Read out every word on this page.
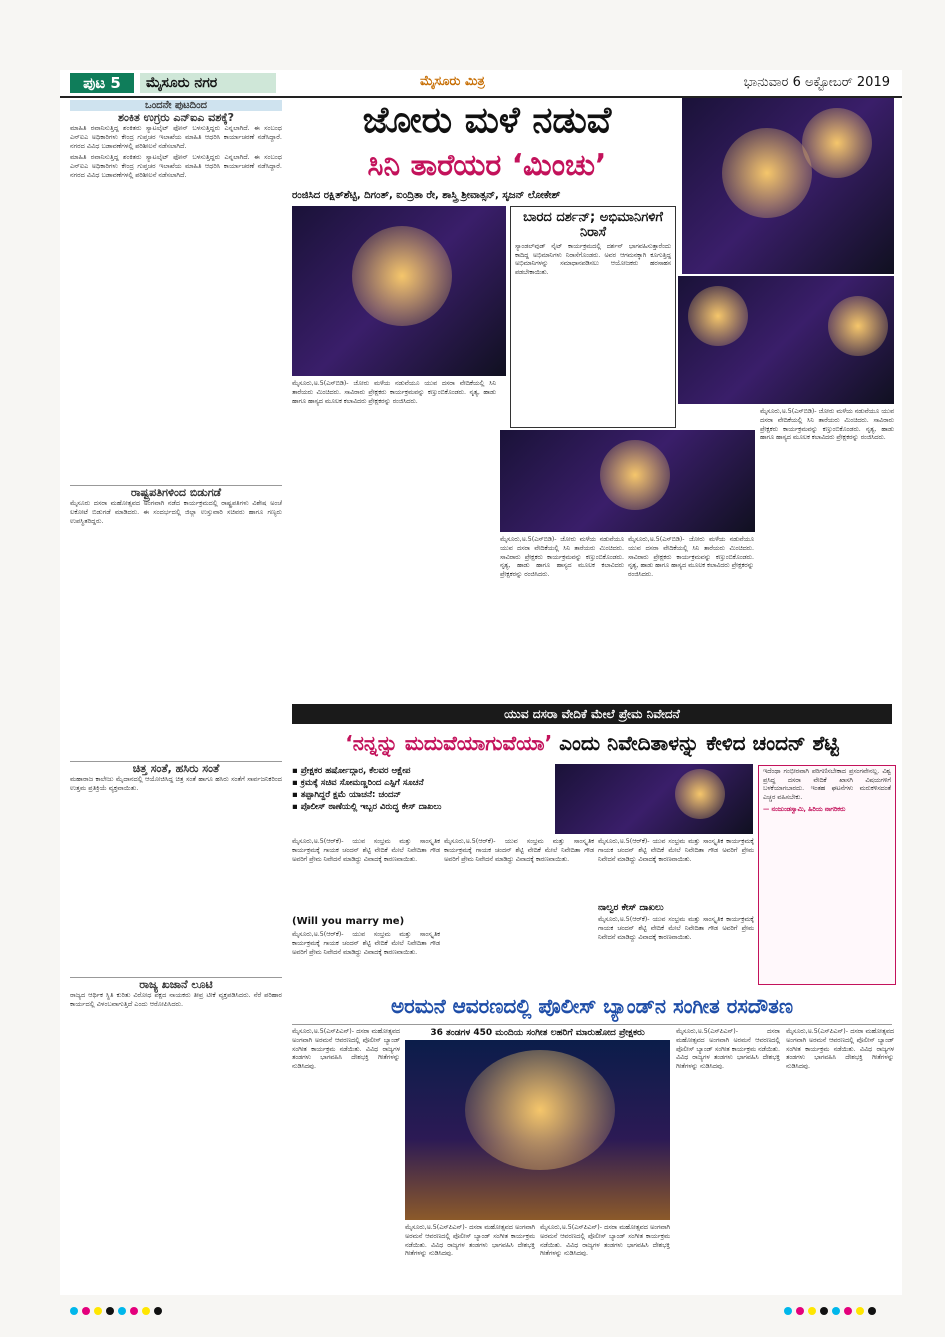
ಪುಟ 5	ಮೈಸೂರು ನಗರ	ಮೈಸೂರು ಮಿತ್ರ	ಭಾನುವಾರ 6 ಅಕ್ಟೋಬರ್ 2019
ಒಂದನೇ ಪುಟದಿಂದ
ಶಂಕಿತ ಉಗ್ರರು ಎನ್‌ಐಎ ವಶಕ್ಕೆ?

ಮಾಹಿತಿ ರವಾನಿಸುತ್ತಿದ್ದ ಶಂಕಿತರು ಸ್ಯಾಟಲೈಟ್ ಫೋನ್ ಬಳಸುತ್ತಿದ್ದರು ಎನ್ನಲಾಗಿದೆ. ಈ ಸಂಬಂಧ ಎನ್‌ಐಎ ಅಧಿಕಾರಿಗಳು ಕೇಂದ್ರ ಗುಪ್ತಚರ ಇಲಾಖೆಯ ಮಾಹಿತಿ ಆಧರಿಸಿ ಕಾರ್ಯಾಚರಣೆ ನಡೆಸಿದ್ದಾರೆ. ನಗರದ ವಿವಿಧ ಬಡಾವಣೆಗಳಲ್ಲಿ ಪರಿಶೀಲನೆ ನಡೆಸಲಾಗಿದೆ.

ಮಾಹಿತಿ ರವಾನಿಸುತ್ತಿದ್ದ ಶಂಕಿತರು ಸ್ಯಾಟಲೈಟ್ ಫೋನ್ ಬಳಸುತ್ತಿದ್ದರು ಎನ್ನಲಾಗಿದೆ. ಈ ಸಂಬಂಧ ಎನ್‌ಐಎ ಅಧಿಕಾರಿಗಳು ಕೇಂದ್ರ ಗುಪ್ತಚರ ಇಲಾಖೆಯ ಮಾಹಿತಿ ಆಧರಿಸಿ ಕಾರ್ಯಾಚರಣೆ ನಡೆಸಿದ್ದಾರೆ. ನಗರದ ವಿವಿಧ ಬಡಾವಣೆಗಳಲ್ಲಿ ಪರಿಶೀಲನೆ ನಡೆಸಲಾಗಿದೆ.

ರಾಷ್ಟ್ರಪತಿಗಳಿಂದ ಬಿಡುಗಡೆ

ಮೈಸೂರು ದಸರಾ ಮಹೋತ್ಸವದ ಅಂಗವಾಗಿ ನಡೆದ ಕಾರ್ಯಕ್ರಮದಲ್ಲಿ ರಾಷ್ಟ್ರಪತಿಗಳು ವಿಶೇಷ ಅಂಚೆ ಲಕೋಟೆ ಬಿಡುಗಡೆ ಮಾಡಿದರು. ಈ ಸಂದರ್ಭದಲ್ಲಿ ಜಿಲ್ಲಾ ಉಸ್ತುವಾರಿ ಸಚಿವರು ಹಾಗೂ ಗಣ್ಯರು ಉಪಸ್ಥಿತರಿದ್ದರು.

ಚಿತ್ತ ಸಂತೆ, ಹಸಿರು ಸಂತೆ

ಮಹಾರಾಜ ಕಾಲೇಜು ಮೈದಾನದಲ್ಲಿ ಆಯೋಜಿಸಿದ್ದ ಚಿತ್ರ ಸಂತೆ ಹಾಗೂ ಹಸಿರು ಸಂತೆಗೆ ಸಾರ್ವಜನಿಕರಿಂದ ಉತ್ತಮ ಪ್ರತಿಕ್ರಿಯೆ ವ್ಯಕ್ತವಾಯಿತು.

ರಾಜ್ಯ ಖಜಾನೆ ಲೂಟಿ

ರಾಜ್ಯದ ಆರ್ಥಿಕ ಸ್ಥಿತಿ ಕುರಿತು ವಿರೋಧ ಪಕ್ಷದ ನಾಯಕರು ತೀವ್ರ ಟೀಕೆ ವ್ಯಕ್ತಪಡಿಸಿದರು. ನೆರೆ ಪರಿಹಾರ ಕಾರ್ಯದಲ್ಲಿ ವಿಳಂಬವಾಗುತ್ತಿದೆ ಎಂದು ಆರೋಪಿಸಿದರು.

ಜೋರು ಮಳೆ ನಡುವೆ
ಸಿನಿ ತಾರೆಯರ ‘ಮಿಂಚು’
ರಂಜಿಸಿದ ರಕ್ಷಿತ್‌ಶೆಟ್ಟಿ, ದಿಗಂತ್, ಐಂದ್ರಿತಾ ರೇ, ಶಾಸ್ತ್ರಿ ಶ್ರೀವಾತ್ಸನ್, ಸೃಜನ್ ಲೋಕೇಶ್
ಬಾರದ ದರ್ಶನ್; ಅಭಿಮಾನಿಗಳಿಗೆ ನಿರಾಸೆ

ಸ್ಯಾಂಡಲ್‌ವುಡ್ ನೈಟ್ ಕಾರ್ಯಕ್ರಮದಲ್ಲಿ ದರ್ಶನ್ ಭಾಗವಹಿಸುತ್ತಾರೆಂದು ಕಾದಿದ್ದ ಅಭಿಮಾನಿಗಳು ನಿರಾಸೆಗೊಂಡರು. ಅವರ ಆಗಮನಕ್ಕಾಗಿ ಕೂಗುತ್ತಿದ್ದ ಅಭಿಮಾನಿಗಳನ್ನು ಸಮಾಧಾನಪಡಿಸಲು ಆಯೋಜಕರು ಹರಸಾಹಸ ಪಡಬೇಕಾಯಿತು.

ಮೈಸೂರು,ಅ.5(ಎಸ್‌ಬಿಡಿ)- ಜೋರು ಮಳೆಯ ನಡುವೆಯೂ ಯುವ ದಸರಾ ವೇದಿಕೆಯಲ್ಲಿ ಸಿನಿ ತಾರೆಯರು ಮಿಂಚಿದರು. ಸಾವಿರಾರು ಪ್ರೇಕ್ಷಕರು ಕಾರ್ಯಕ್ರಮವನ್ನು ಕಣ್ತುಂಬಿಕೊಂಡರು. ನೃತ್ಯ, ಹಾಡು ಹಾಗೂ ಹಾಸ್ಯದ ಮೂಲಕ ಕಲಾವಿದರು ಪ್ರೇಕ್ಷಕರನ್ನು ರಂಜಿಸಿದರು.
ಮೈಸೂರು,ಅ.5(ಎಸ್‌ಬಿಡಿ)- ಜೋರು ಮಳೆಯ ನಡುವೆಯೂ ಯುವ ದಸರಾ ವೇದಿಕೆಯಲ್ಲಿ ಸಿನಿ ತಾರೆಯರು ಮಿಂಚಿದರು. ಸಾವಿರಾರು ಪ್ರೇಕ್ಷಕರು ಕಾರ್ಯಕ್ರಮವನ್ನು ಕಣ್ತುಂಬಿಕೊಂಡರು. ನೃತ್ಯ, ಹಾಡು ಹಾಗೂ ಹಾಸ್ಯದ ಮೂಲಕ ಕಲಾವಿದರು ಪ್ರೇಕ್ಷಕರನ್ನು ರಂಜಿಸಿದರು.
ಮೈಸೂರು,ಅ.5(ಎಸ್‌ಬಿಡಿ)- ಜೋರು ಮಳೆಯ ನಡುವೆಯೂ ಯುವ ದಸರಾ ವೇದಿಕೆಯಲ್ಲಿ ಸಿನಿ ತಾರೆಯರು ಮಿಂಚಿದರು. ಸಾವಿರಾರು ಪ್ರೇಕ್ಷಕರು ಕಾರ್ಯಕ್ರಮವನ್ನು ಕಣ್ತುಂಬಿಕೊಂಡರು. ನೃತ್ಯ, ಹಾಡು ಹಾಗೂ ಹಾಸ್ಯದ ಮೂಲಕ ಕಲಾವಿದರು ಪ್ರೇಕ್ಷಕರನ್ನು ರಂಜಿಸಿದರು.
ಮೈಸೂರು,ಅ.5(ಎಸ್‌ಬಿಡಿ)- ಜೋರು ಮಳೆಯ ನಡುವೆಯೂ ಯುವ ದಸರಾ ವೇದಿಕೆಯಲ್ಲಿ ಸಿನಿ ತಾರೆಯರು ಮಿಂಚಿದರು. ಸಾವಿರಾರು ಪ್ರೇಕ್ಷಕರು ಕಾರ್ಯಕ್ರಮವನ್ನು ಕಣ್ತುಂಬಿಕೊಂಡರು. ನೃತ್ಯ, ಹಾಡು ಹಾಗೂ ಹಾಸ್ಯದ ಮೂಲಕ ಕಲಾವಿದರು ಪ್ರೇಕ್ಷಕರನ್ನು ರಂಜಿಸಿದರು.
ಯುವ ದಸರಾ ವೇದಿಕೆ ಮೇಲೆ ಪ್ರೇಮ ನಿವೇದನೆ
‘ನನ್ನನ್ನು ಮದುವೆಯಾಗುವೆಯಾ’ ಎಂದು ನಿವೇದಿತಾಳನ್ನು ಕೇಳಿದ ಚಂದನ್ ಶೆಟ್ಟಿ
▪ ಪ್ರೇಕ್ಷಕರ ಹರ್ಷೋದ್ಗಾರ, ಕೆಲವರ ಆಕ್ಷೇಪ
▪ ಕ್ರಮಕ್ಕೆ ಸಚಿವ ಸೋಮಣ್ಣರಿಂದ ಎಸ್ಪಿಗೆ ಸೂಚನೆ
▪ ತಪ್ಪಾಗಿದ್ದರೆ ಕ್ಷಮೆ ಯಾಚನೆ: ಚಂದನ್
▪ ಪೊಲೀಸ್ ಠಾಣೆಯಲ್ಲಿ ಇಬ್ಬರ ವಿರುದ್ಧ ಕೇಸ್ ದಾಖಲು
ಮೈಸೂರು,ಅ.5(ಆರ್‌ಕೆ)- ಯುವ ಸಂಭ್ರಮ ಮತ್ತು ಸಾಂಸ್ಕೃತಿಕ ಕಾರ್ಯಕ್ರಮಕ್ಕೆ ಗಾಯಕ ಚಂದನ್ ಶೆಟ್ಟಿ ವೇದಿಕೆ ಮೇಲೆ ನಿವೇದಿತಾ ಗೌಡ ಅವರಿಗೆ ಪ್ರೇಮ ನಿವೇದನೆ ಮಾಡಿದ್ದು ವಿವಾದಕ್ಕೆ ಕಾರಣವಾಯಿತು.
(Will you marry me)
ಮೈಸೂರು,ಅ.5(ಆರ್‌ಕೆ)- ಯುವ ಸಂಭ್ರಮ ಮತ್ತು ಸಾಂಸ್ಕೃತಿಕ ಕಾರ್ಯಕ್ರಮಕ್ಕೆ ಗಾಯಕ ಚಂದನ್ ಶೆಟ್ಟಿ ವೇದಿಕೆ ಮೇಲೆ ನಿವೇದಿತಾ ಗೌಡ ಅವರಿಗೆ ಪ್ರೇಮ ನಿವೇದನೆ ಮಾಡಿದ್ದು ವಿವಾದಕ್ಕೆ ಕಾರಣವಾಯಿತು.
ಮೈಸೂರು,ಅ.5(ಆರ್‌ಕೆ)- ಯುವ ಸಂಭ್ರಮ ಮತ್ತು ಸಾಂಸ್ಕೃತಿಕ ಕಾರ್ಯಕ್ರಮಕ್ಕೆ ಗಾಯಕ ಚಂದನ್ ಶೆಟ್ಟಿ ವೇದಿಕೆ ಮೇಲೆ ನಿವೇದಿತಾ ಗೌಡ ಅವರಿಗೆ ಪ್ರೇಮ ನಿವೇದನೆ ಮಾಡಿದ್ದು ವಿವಾದಕ್ಕೆ ಕಾರಣವಾಯಿತು.
ಮೈಸೂರು,ಅ.5(ಆರ್‌ಕೆ)- ಯುವ ಸಂಭ್ರಮ ಮತ್ತು ಸಾಂಸ್ಕೃತಿಕ ಕಾರ್ಯಕ್ರಮಕ್ಕೆ ಗಾಯಕ ಚಂದನ್ ಶೆಟ್ಟಿ ವೇದಿಕೆ ಮೇಲೆ ನಿವೇದಿತಾ ಗೌಡ ಅವರಿಗೆ ಪ್ರೇಮ ನಿವೇದನೆ ಮಾಡಿದ್ದು ವಿವಾದಕ್ಕೆ ಕಾರಣವಾಯಿತು.
ನಾಲ್ವರ ಕೇಸ್ ದಾಖಲು
ಮೈಸೂರು,ಅ.5(ಆರ್‌ಕೆ)- ಯುವ ಸಂಭ್ರಮ ಮತ್ತು ಸಾಂಸ್ಕೃತಿಕ ಕಾರ್ಯಕ್ರಮಕ್ಕೆ ಗಾಯಕ ಚಂದನ್ ಶೆಟ್ಟಿ ವೇದಿಕೆ ಮೇಲೆ ನಿವೇದಿತಾ ಗೌಡ ಅವರಿಗೆ ಪ್ರೇಮ ನಿವೇದನೆ ಮಾಡಿದ್ದು ವಿವಾದಕ್ಕೆ ಕಾರಣವಾಯಿತು.
ಇದೆಂಥಾ ಗಂಭೀರವಾಗಿ ಪರಿಗಣಿಸಬೇಕಾದ ಪ್ರಸಂಗವೇನಲ್ಲ. ವಿಶ್ವ ಪ್ರಸಿದ್ಧ ದಸರಾ ವೇದಿಕೆ ಖಾಸಗಿ ವಿಷಯಗಳಿಗೆ ಬಳಕೆಯಾಗಬಾರದು. ಇಂತಹ ಘಟನೆಗಳು ಮರುಕಳಿಸದಂತೆ ಎಚ್ಚರ ವಹಿಸಬೇಕು.
— ನಂಜುಂಡಸ್ವಾಮಿ, ಹಿರಿಯ ನಾಗರಿಕರು
ಅರಮನೆ ಆವರಣದಲ್ಲಿ ಪೊಲೀಸ್ ಬ್ಯಾಂಡ್‌ನ ಸಂಗೀತ ರಸದೌತಣ
36 ತಂಡಗಳ 450 ಮಂದಿಯ ಸಂಗೀತ ಲಹರಿಗೆ ಮಾರುಹೋದ ಪ್ರೇಕ್ಷಕರು
ಮೈಸೂರು,ಅ.5(ಎಸ್‌ಪಿಎನ್)- ದಸರಾ ಮಹೋತ್ಸವದ ಅಂಗವಾಗಿ ಅರಮನೆ ಆವರಣದಲ್ಲಿ ಪೊಲೀಸ್ ಬ್ಯಾಂಡ್ ಸಂಗೀತ ಕಾರ್ಯಕ್ರಮ ನಡೆಯಿತು. ವಿವಿಧ ರಾಜ್ಯಗಳ ತಂಡಗಳು ಭಾಗವಹಿಸಿ ದೇಶಭಕ್ತಿ ಗೀತೆಗಳನ್ನು ನುಡಿಸಿದವು.
ಮೈಸೂರು,ಅ.5(ಎಸ್‌ಪಿಎನ್)- ದಸರಾ ಮಹೋತ್ಸವದ ಅಂಗವಾಗಿ ಅರಮನೆ ಆವರಣದಲ್ಲಿ ಪೊಲೀಸ್ ಬ್ಯಾಂಡ್ ಸಂಗೀತ ಕಾರ್ಯಕ್ರಮ ನಡೆಯಿತು. ವಿವಿಧ ರಾಜ್ಯಗಳ ತಂಡಗಳು ಭಾಗವಹಿಸಿ ದೇಶಭಕ್ತಿ ಗೀತೆಗಳನ್ನು ನುಡಿಸಿದವು.
ಮೈಸೂರು,ಅ.5(ಎಸ್‌ಪಿಎನ್)- ದಸರಾ ಮಹೋತ್ಸವದ ಅಂಗವಾಗಿ ಅರಮನೆ ಆವರಣದಲ್ಲಿ ಪೊಲೀಸ್ ಬ್ಯಾಂಡ್ ಸಂಗೀತ ಕಾರ್ಯಕ್ರಮ ನಡೆಯಿತು. ವಿವಿಧ ರಾಜ್ಯಗಳ ತಂಡಗಳು ಭಾಗವಹಿಸಿ ದೇಶಭಕ್ತಿ ಗೀತೆಗಳನ್ನು ನುಡಿಸಿದವು.
ಮೈಸೂರು,ಅ.5(ಎಸ್‌ಪಿಎನ್)- ದಸರಾ ಮಹೋತ್ಸವದ ಅಂಗವಾಗಿ ಅರಮನೆ ಆವರಣದಲ್ಲಿ ಪೊಲೀಸ್ ಬ್ಯಾಂಡ್ ಸಂಗೀತ ಕಾರ್ಯಕ್ರಮ ನಡೆಯಿತು. ವಿವಿಧ ರಾಜ್ಯಗಳ ತಂಡಗಳು ಭಾಗವಹಿಸಿ ದೇಶಭಕ್ತಿ ಗೀತೆಗಳನ್ನು ನುಡಿಸಿದವು.
ಮೈಸೂರು,ಅ.5(ಎಸ್‌ಪಿಎನ್)- ದಸರಾ ಮಹೋತ್ಸವದ ಅಂಗವಾಗಿ ಅರಮನೆ ಆವರಣದಲ್ಲಿ ಪೊಲೀಸ್ ಬ್ಯಾಂಡ್ ಸಂಗೀತ ಕಾರ್ಯಕ್ರಮ ನಡೆಯಿತು. ವಿವಿಧ ರಾಜ್ಯಗಳ ತಂಡಗಳು ಭಾಗವಹಿಸಿ ದೇಶಭಕ್ತಿ ಗೀತೆಗಳನ್ನು ನುಡಿಸಿದವು.
